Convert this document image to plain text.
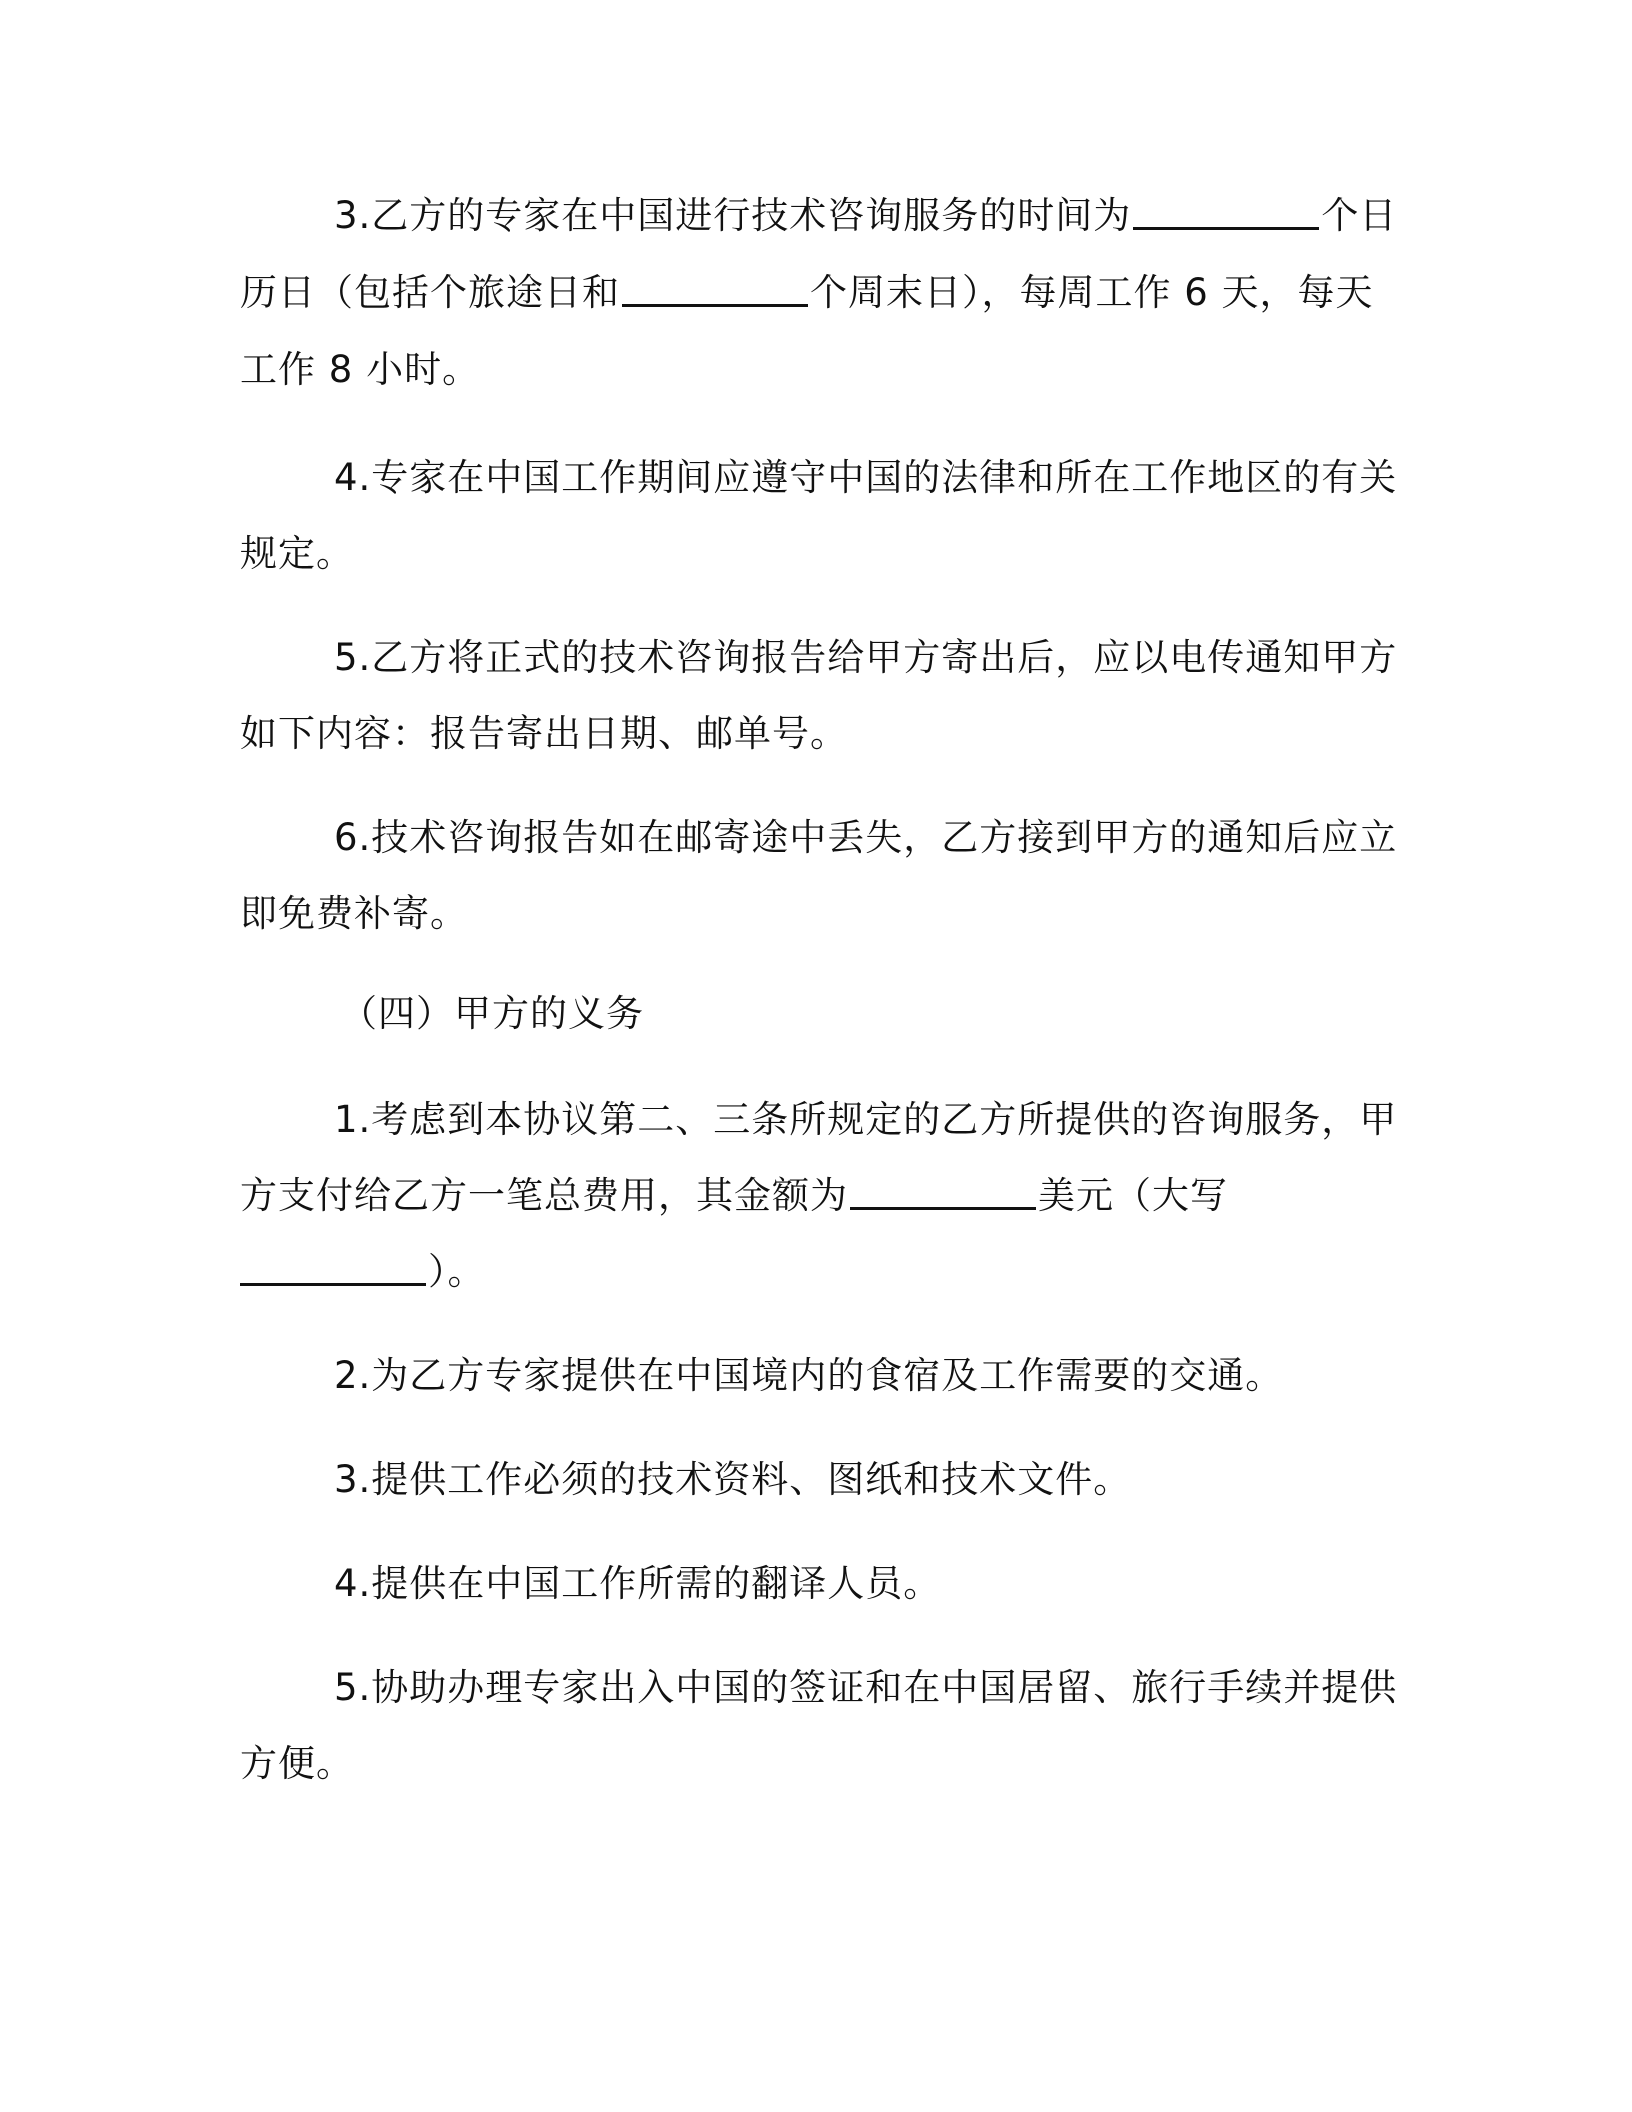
3.乙方的专家在中国进行技术咨询服务的时间为	个日
历日（包括个旅途日和	个周末日），每周工作 6 天，每天
工作 8 小时。
4.专家在中国工作期间应遵守中国的法律和所在工作地区的有关
规定。
5.乙方将正式的技术咨询报告给甲方寄出后，应以电传通知甲方
如下内容：报告寄出日期、邮单号。
6.技术咨询报告如在邮寄途中丢失，乙方接到甲方的通知后应立
即免费补寄。
（四）甲方的义务
1.考虑到本协议第二、三条所规定的乙方所提供的咨询服务，甲
方支付给乙方一笔总费用，其金额为	美元（大写
）。
2.为乙方专家提供在中国境内的食宿及工作需要的交通。
3.提供工作必须的技术资料、图纸和技术文件。
4.提供在中国工作所需的翻译人员。
5.协助办理专家出入中国的签证和在中国居留、旅行手续并提供
方便。
